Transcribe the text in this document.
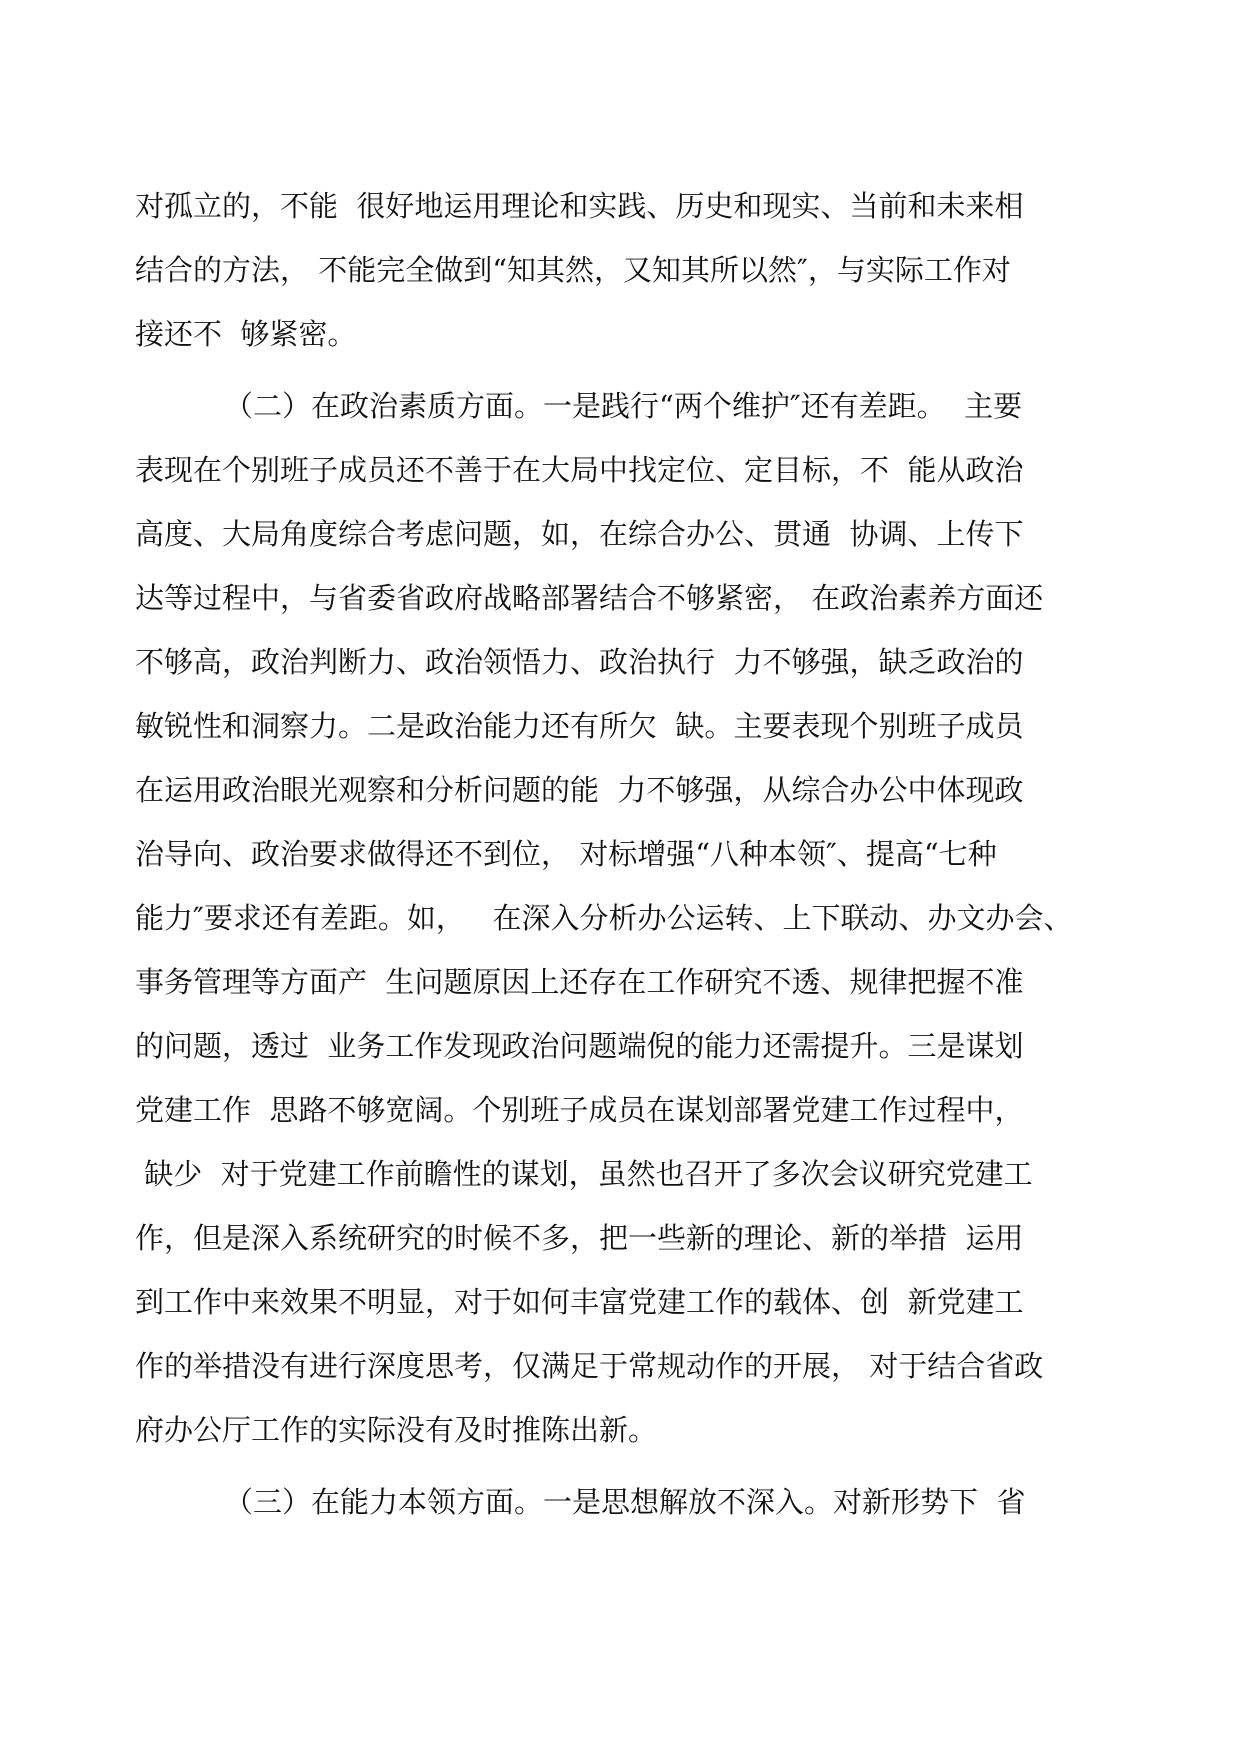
对孤立的，不能  很好地运用理论和实践、历史和现实、当前和未来相

结合的方法， 不能完全做到“知其然，又知其所以然″，与实际工作对

接还不  够紧密。

（二）在政治素质方面。一是践行“两个维护″还有差距。  主要

表现在个别班子成员还不善于在大局中找定位、定目标，不  能从政治

高度、大局角度综合考虑问题，如，在综合办公、贯通  协调、上传下

达等过程中，与省委省政府战略部署结合不够紧密， 在政治素养方面还

不够高，政治判断力、政治领悟力、政治执行  力不够强，缺乏政治的

敏锐性和洞察力。二是政治能力还有所欠  缺。主要表现个别班子成员

在运用政治眼光观察和分析问题的能  力不够强，从综合办公中体现政

治导向、政治要求做得还不到位， 对标增强“八种本领″、提高“七种

能力″要求还有差距。如，   在深入分析办公运转、上下联动、办文办会、

事务管理等方面产  生问题原因上还存在工作研究不透、规律把握不准

的问题，透过  业务工作发现政治问题端倪的能力还需提升。三是谋划

党建工作  思路不够宽阔。个别班子成员在谋划部署党建工作过程中，

缺少  对于党建工作前瞻性的谋划，虽然也召开了多次会议研究党建工

作，但是深入系统研究的时候不多，把一些新的理论、新的举措  运用

到工作中来效果不明显，对于如何丰富党建工作的载体、创  新党建工

作的举措没有进行深度思考，仅满足于常规动作的开展， 对于结合省政

府办公厅工作的实际没有及时推陈出新。

（三）在能力本领方面。一是思想解放不深入。对新形势下  省
